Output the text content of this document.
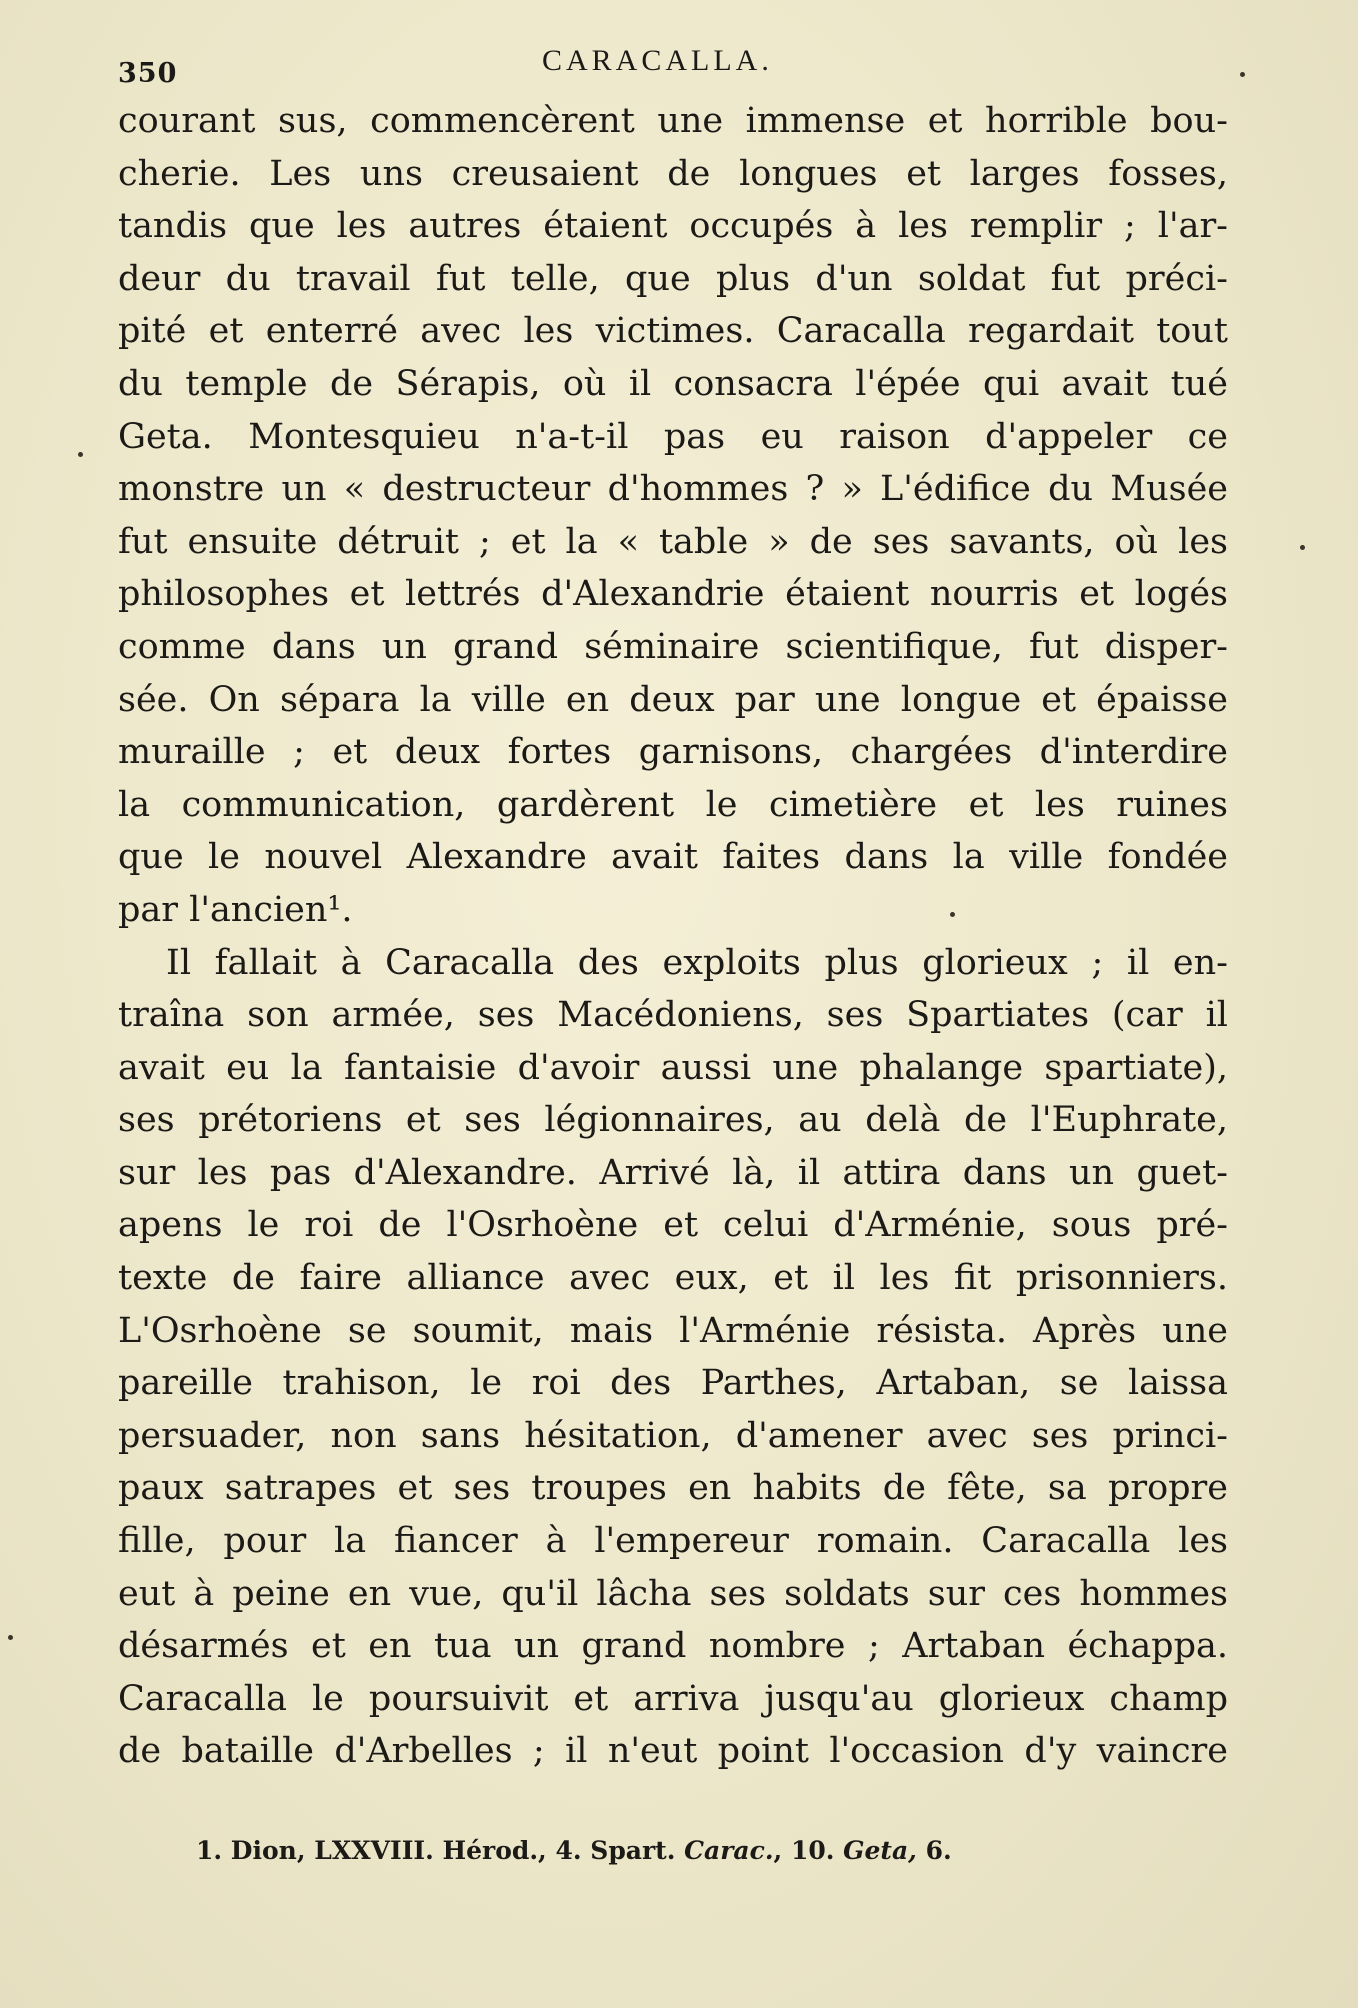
350	CARACALLA.
courant sus, commencèrent une immense et horrible bou-
cherie. Les uns creusaient de longues et larges fosses,
tandis que les autres étaient occupés à les remplir ; l'ar-
deur du travail fut telle, que plus d'un soldat fut préci-
pité et enterré avec les victimes. Caracalla regardait tout
du temple de Sérapis, où il consacra l'épée qui avait tué
Geta. Montesquieu n'a-t-il pas eu raison d'appeler ce
monstre un « destructeur d'hommes ? » L'édifice du Musée
fut ensuite détruit ; et la « table » de ses savants, où les
philosophes et lettrés d'Alexandrie étaient nourris et logés
comme dans un grand séminaire scientifique, fut disper-
sée. On sépara la ville en deux par une longue et épaisse
muraille ; et deux fortes garnisons, chargées d'interdire
la communication, gardèrent le cimetière et les ruines
que le nouvel Alexandre avait faites dans la ville fondée
par l'ancien¹.
Il fallait à Caracalla des exploits plus glorieux ; il en-
traîna son armée, ses Macédoniens, ses Spartiates (car il
avait eu la fantaisie d'avoir aussi une phalange spartiate),
ses prétoriens et ses légionnaires, au delà de l'Euphrate,
sur les pas d'Alexandre. Arrivé là, il attira dans un guet-
apens le roi de l'Osrhoène et celui d'Arménie, sous pré-
texte de faire alliance avec eux, et il les fit prisonniers.
L'Osrhoène se soumit, mais l'Arménie résista. Après une
pareille trahison, le roi des Parthes, Artaban, se laissa
persuader, non sans hésitation, d'amener avec ses princi-
paux satrapes et ses troupes en habits de fête, sa propre
fille, pour la fiancer à l'empereur romain. Caracalla les
eut à peine en vue, qu'il lâcha ses soldats sur ces hommes
désarmés et en tua un grand nombre ; Artaban échappa.
Caracalla le poursuivit et arriva jusqu'au glorieux champ
de bataille d'Arbelles ; il n'eut point l'occasion d'y vaincre
1. Dion, LXXVIII. Hérod., 4. Spart. Carac., 10. Geta, 6.
